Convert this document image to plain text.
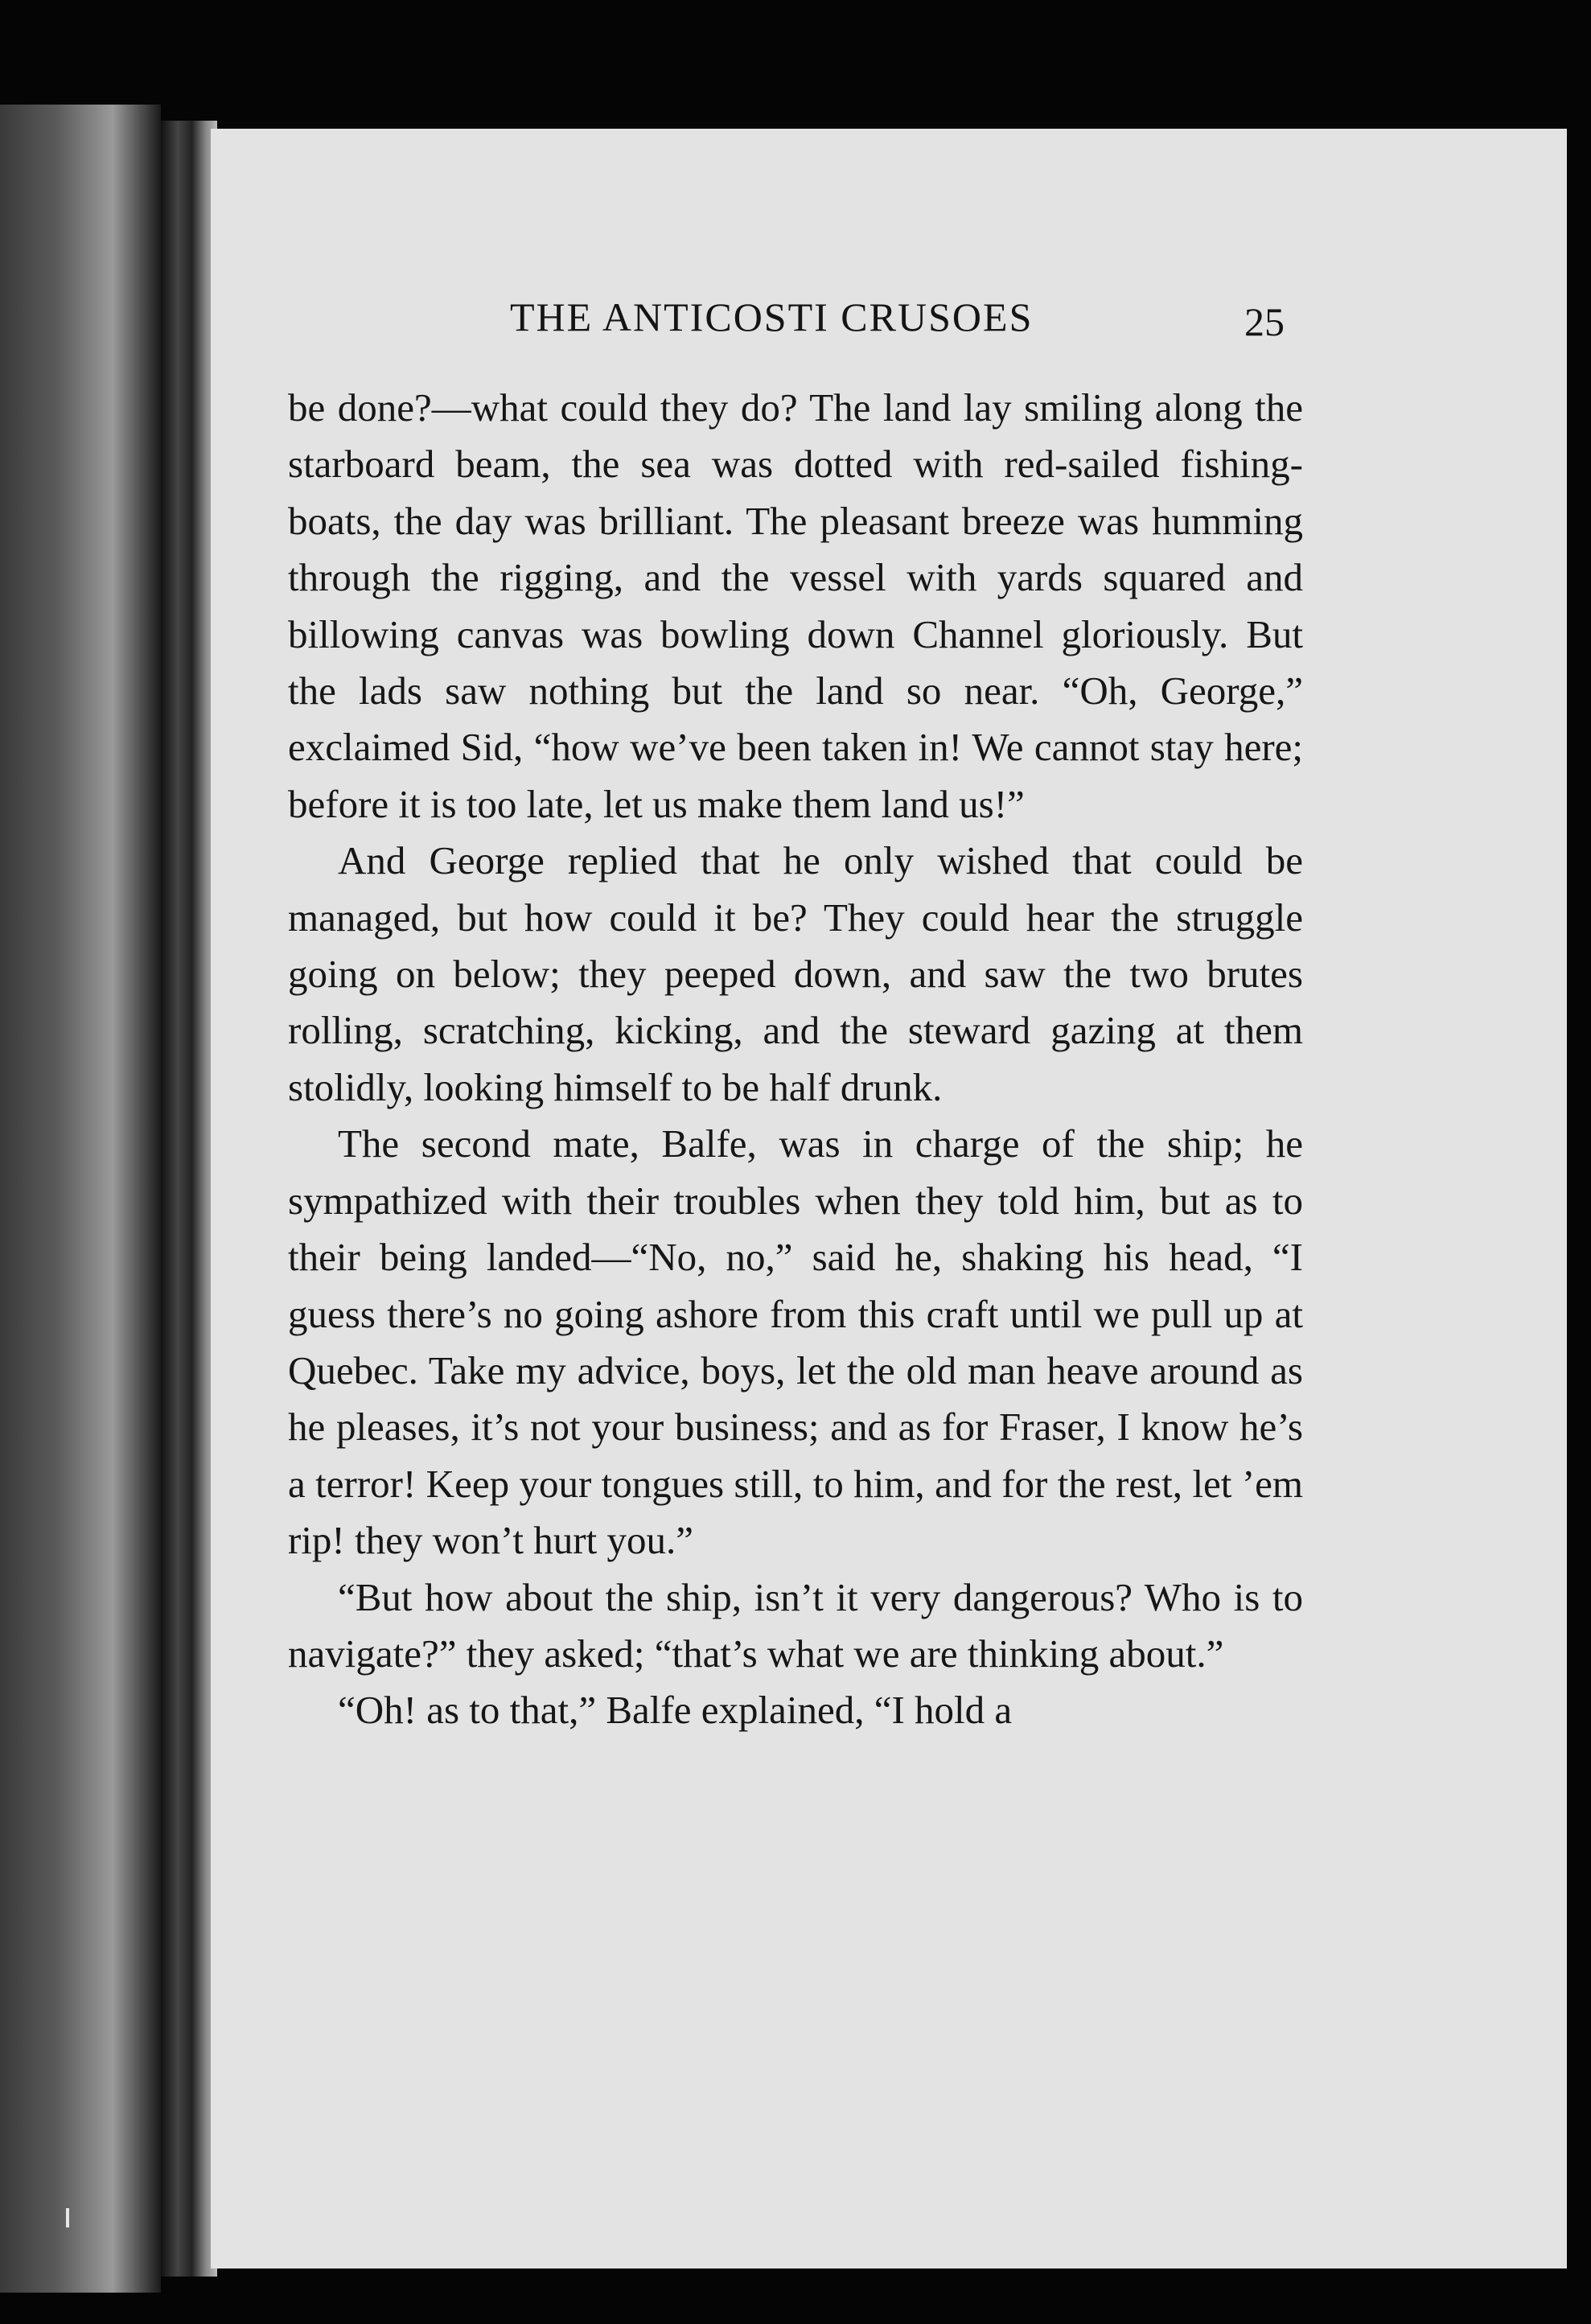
THE ANTICOSTI CRUSOES	25

be done?—what could they do? The land lay smiling along the starboard beam, the sea was dotted with red-sailed fishing-boats, the day was brilliant. The pleasant breeze was humming through the rigging, and the vessel with yards squared and billowing canvas was bowling down Channel gloriously. But the lads saw nothing but the land so near. “Oh, George,” exclaimed Sid, “how we’ve been taken in! We cannot stay here; before it is too late, let us make them land us!”

And George replied that he only wished that could be managed, but how could it be? They could hear the struggle going on below; they peeped down, and saw the two brutes rolling, scratching, kicking, and the steward gazing at them stolidly, looking himself to be half drunk.

The second mate, Balfe, was in charge of the ship; he sympathized with their troubles when they told him, but as to their being landed—“No, no,” said he, shaking his head, “I guess there’s no going ashore from this craft until we pull up at Quebec. Take my advice, boys, let the old man heave around as he pleases, it’s not your business; and as for Fraser, I know he’s a terror! Keep your tongues still, to him, and for the rest, let ’em rip! they won’t hurt you.”

“But how about the ship, isn’t it very dangerous? Who is to navigate?” they asked; “that’s what we are thinking about.”

“Oh! as to that,” Balfe explained, “I hold a
